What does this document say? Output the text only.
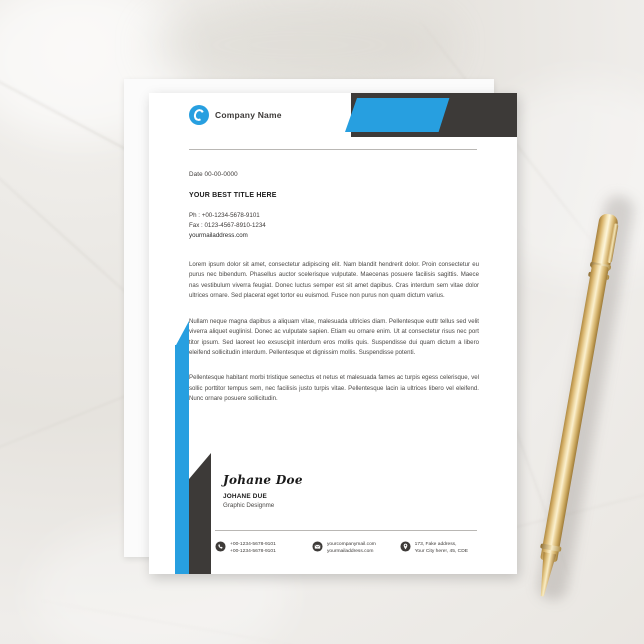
Company Name
Date 00-00-0000
YOUR BEST TITLE HERE
Ph : +00-1234-5678-9101
Fax : 0123-4567-8910-1234
yourmailaddress.com
Lorem ipsum dolor sit amet, consectetur adipiscing elit. Nam blandit hendrerit dolor. Proin consectetur eu purus nec bibendum. Phasellus auctor scelerisque vulputate. Maecenas posuere facilisis sagittis. Maece nas vestibulum viverra feugiat. Donec luctus semper est sit amet dapibus. Cras interdum sem vitae dolor ultrices ornare. Sed placerat eget tortor eu euismod. Fusce non purus non quam dictum varius.
Nullam neque magna dapibus a aliquam vitae, malesuada ultricies diam. Pellentesque euttr tellus sed velit viverra aliquet euglinisl. Donec ac vulputate sapien. Etiam eu ornare enim. Ut at consectetur risus nec port titor ipsum. Sed laoreet leo exsuscipit interdum eros mollis quis. Suspendisse dui quam dictum a libero eleifend sollicitudin interdum. Pellentesque et dignissim mollis. Suspendisse potenti.
Pellentesque habitant morbi tristique senectus et netus et malesuada fames ac turpis egess celerisque, vel sollic porttitor tempus sem, nec facilisis justo turpis vitae. Pellentesque lacin ia ultrices libero vel eleifend. Nunc ornare posuere sollicitudin.
Johane Doe
JOHANE DUE
Graphic Designme
+00-1234-5678-9101
+00-1234-5678-9101
yourcompanymail.com
yourmailaddress.com
173, Fake address,
Your City here!, 45, CDE
